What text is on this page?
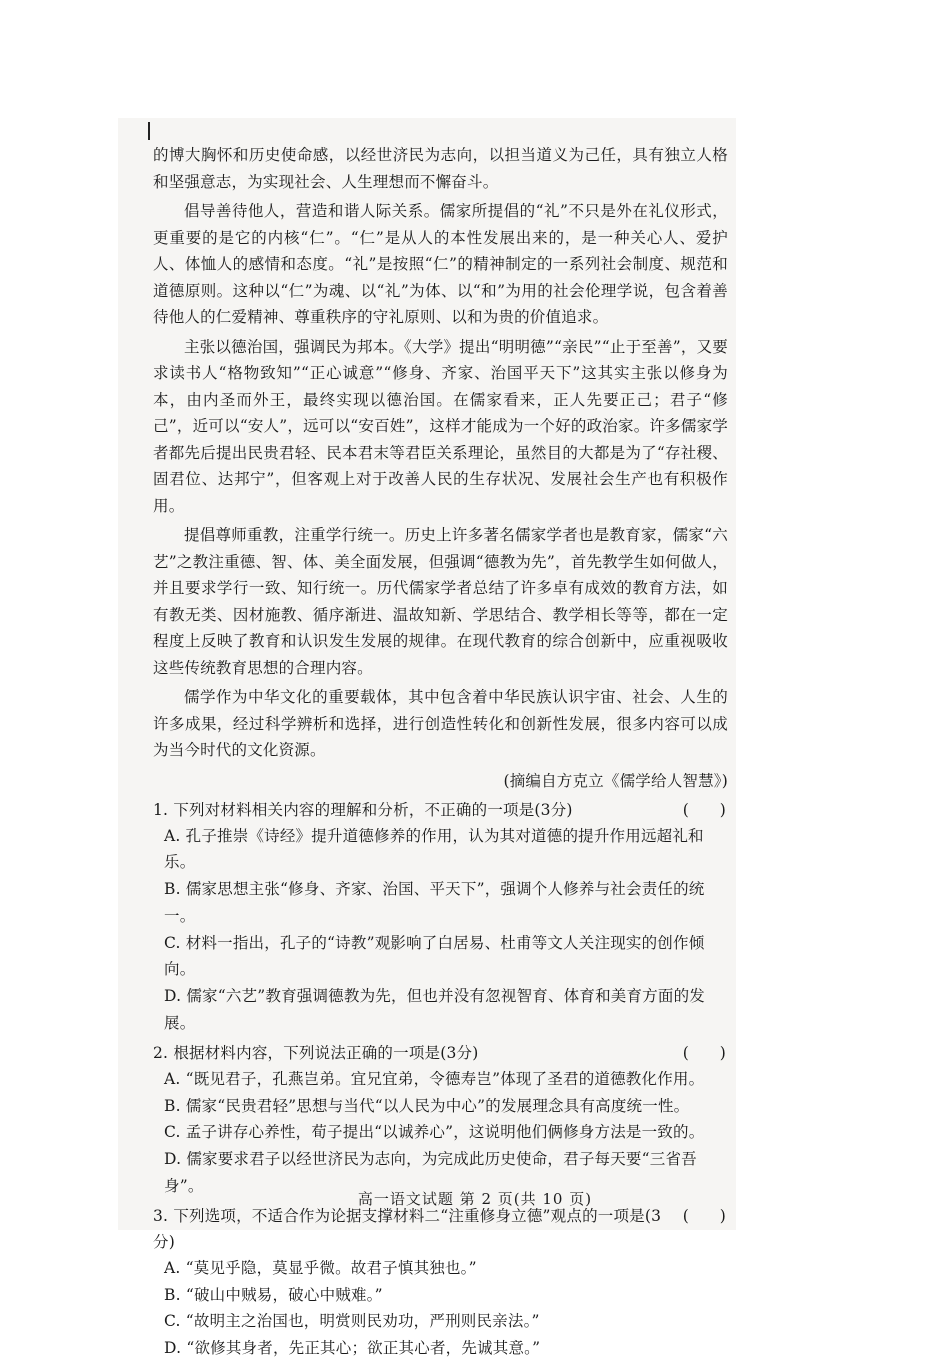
的博大胸怀和历史使命感，以经世济民为志向，以担当道义为己任，具有独立人格和坚强意志，为实现社会、人生理想而不懈奋斗。

倡导善待他人，营造和谐人际关系。儒家所提倡的“礼”不只是外在礼仪形式，更重要的是它的内核“仁”。“仁”是从人的本性发展出来的，是一种关心人、爱护人、体恤人的感情和态度。“礼”是按照“仁”的精神制定的一系列社会制度、规范和道德原则。这种以“仁”为魂、以“礼”为体、以“和”为用的社会伦理学说，包含着善待他人的仁爱精神、尊重秩序的守礼原则、以和为贵的价值追求。

主张以德治国，强调民为邦本。《大学》提出“明明德”“亲民”“止于至善”，又要求读书人“格物致知”“正心诚意”“修身、齐家、治国平天下”这其实主张以修身为本，由内圣而外王，最终实现以德治国。在儒家看来，正人先要正己；君子“修己”，近可以“安人”，远可以“安百姓”，这样才能成为一个好的政治家。许多儒家学者都先后提出民贵君轻、民本君末等君臣关系理论，虽然目的大都是为了“存社稷、固君位、达邦宁”，但客观上对于改善人民的生存状况、发展社会生产也有积极作用。

提倡尊师重教，注重学行统一。历史上许多著名儒家学者也是教育家，儒家“六艺”之教注重德、智、体、美全面发展，但强调“德教为先”，首先教学生如何做人，并且要求学行一致、知行统一。历代儒家学者总结了许多卓有成效的教育方法，如有教无类、因材施教、循序渐进、温故知新、学思结合、教学相长等等，都在一定程度上反映了教育和认识发生发展的规律。在现代教育的综合创新中，应重视吸收这些传统教育思想的合理内容。

儒学作为中华文化的重要载体，其中包含着中华民族认识宇宙、社会、人生的许多成果，经过科学辨析和选择，进行创造性转化和创新性发展，很多内容可以成为当今时代的文化资源。

(摘编自方克立《儒学给人智慧》)
1. 下列对材料相关内容的理解和分析，不正确的一项是(3分)	(      )
A. 孔子推崇《诗经》提升道德修养的作用，认为其对道德的提升作用远超礼和乐。
B. 儒家思想主张“修身、齐家、治国、平天下”，强调个人修养与社会责任的统一。
C. 材料一指出，孔子的“诗教”观影响了白居易、杜甫等文人关注现实的创作倾向。
D. 儒家“六艺”教育强调德教为先，但也并没有忽视智育、体育和美育方面的发展。
2. 根据材料内容，下列说法正确的一项是(3分)	(      )
A. “既见君子，孔燕岂弟。宜兄宜弟，令德寿岂”体现了圣君的道德教化作用。
B. 儒家“民贵君轻”思想与当代“以人民为中心”的发展理念具有高度统一性。
C. 孟子讲存心养性，荀子提出“以诚养心”，这说明他们俩修身方法是一致的。
D. 儒家要求君子以经世济民为志向，为完成此历史使命，君子每天要“三省吾身”。
3. 下列选项，不适合作为论据支撑材料二“注重修身立德”观点的一项是(3分)
(      )
A. “莫见乎隐，莫显乎微。故君子慎其独也。”
B. “破山中贼易，破心中贼难。”
C. “故明主之治国也，明赏则民劝功，严刑则民亲法。”
D. “欲修其身者，先正其心；欲正其心者，先诚其意。”
高一语文试题 第 2 页(共 10 页)
